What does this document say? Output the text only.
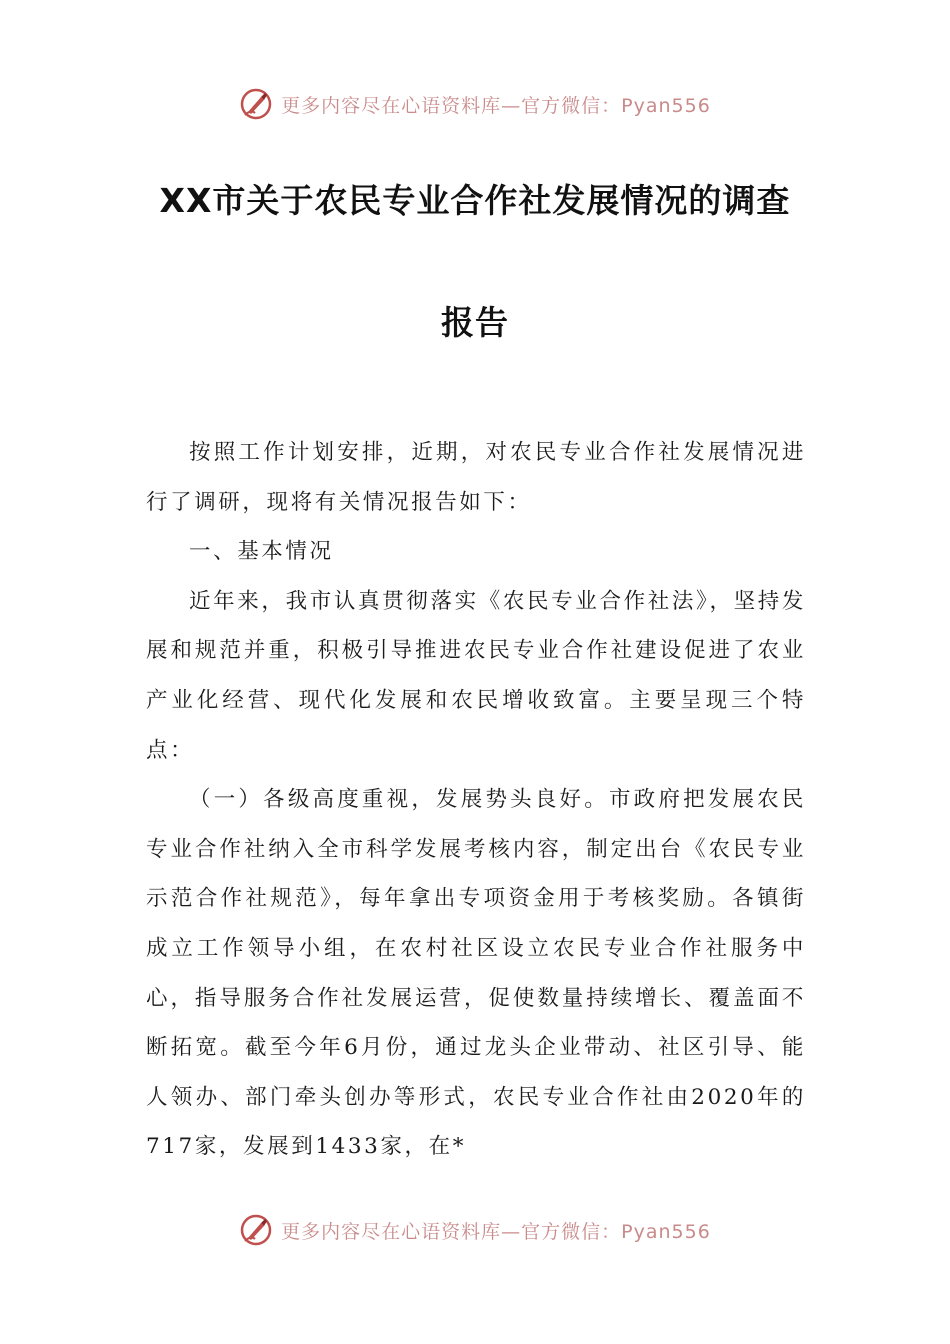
更多内容尽在心语资料库—官方微信：Pyan556
XX市关于农民专业合作社发展情况的调查
报告

按照工作计划安排，近期，对农民专业合作社发展情况进行了调研，现将有关情况报告如下：

一、基本情况

近年来，我市认真贯彻落实《农民专业合作社法》，坚持发展和规范并重，积极引导推进农民专业合作社建设促进了农业产业化经营、现代化发展和农民增收致富。主要呈现三个特点：

（一）各级高度重视，发展势头良好。市政府把发展农民专业合作社纳入全市科学发展考核内容，制定出台《农民专业示范合作社规范》，每年拿出专项资金用于考核奖励。各镇街成立工作领导小组，在农村社区设立农民专业合作社服务中心，指导服务合作社发展运营，促使数量持续增长、覆盖面不断拓宽。截至今年6月份，通过龙头企业带动、社区引导、能人领办、部门牵头创办等形式，农民专业合作社由2020年的717家，发展到1433家，在*

更多内容尽在心语资料库—官方微信：Pyan556
